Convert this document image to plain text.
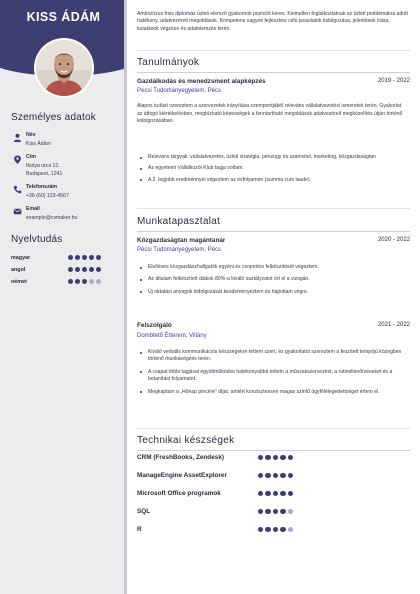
KISS ÁDÁM
Személyes adatok
Név
Kiss Ádám
Cím
Ibolya utca 12.
Budapest, 1241
Telefonszám
+36 (60) 123-4567
Email
example@cvmaker.hu
Nyelvtudás
magyar
angol
német
Ambiciózus friss diplomás üzleti elemző gyakornok pozíciót keres. Kiemelten foglalkoztatnak az üzleti problémákra adott hatékony, adatvezérelt megoldások. Kompetens vagyok fejlesztési célú javaslatok kidolgozása, jelentések írása, kutatások végzése és adatelemzés terén.
Tanulmányok
Gazdálkodás és menedzsment alapképzés	2019 - 2022
Pécsi Tudományegyetem, Pécs
Alapos tudást szereztem a szervezetek irányítása szempontjából releváns vállalatvezetési ismeretek terén. Gyakorlat az átfogó kiértékelésben, megbízható képességek a fenntartható megoldások adatvezérelt megközelítés útján történő kidolgozásában.
Releváns tárgyak: vállalatvezetés, üzleti stratégia, pénzügy és számvitel, marketing, közgazdaságtan
Az egyetemi Vállalkozói Klub tagja voltam.
A 2. legjobb eredménnyel végeztem az évfolyamon (summa cum laude).
Munkatapasztalat
Közgazdaságtan magántanár	2020 - 2022
Pécsi Tudományegyetem, Pécs
Elsőéves közgazdászhallgatók egyéni és csoportos felkészítését végeztem.
Az általam felkészített diákok 80%-a kiváló osztályzatot ért el a vizsgán.
Új oktatási anyagok kidolgozását kezdeményeztem és hajtottam végre.
Felszolgáló	2021 - 2022
Dombtető Étterem, Villány
Kiváló verbális kommunikációs készségekre tettem szert, és gyakorlatot szereztem a feszített tempójú közegben történő munkavégzés terén.
A csapat többi tagjával együttműködve hatékonyabbá tettem a műszakszervezést, a rutinellenőrzéseket és a betanítási folyamatot.
Megkaptam a „Hónap pincére” díjat, amiért konzisztensen magas szintű ügyfélélegedettséget értem el.
Technikai készségek
CRM (FreshBooks, Zendesk)
ManageEngine AssetExplorer
Microsoft Office programok
SQL
R
